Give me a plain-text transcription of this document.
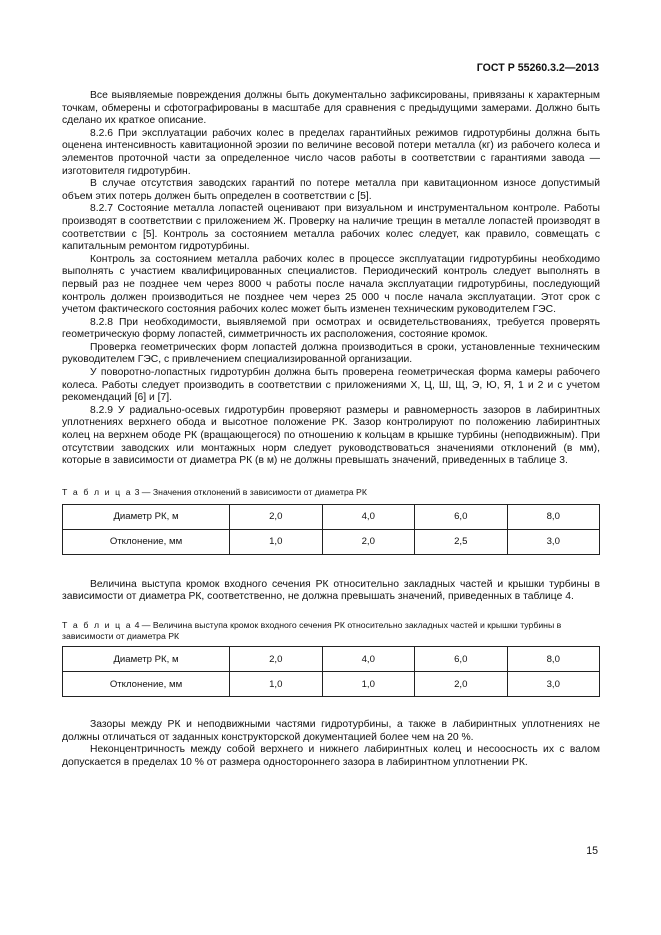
ГОСТ Р 55260.3.2—2013

Все выявляемые повреждения должны быть документально зафиксированы, привязаны к характерным точкам, обмерены и сфотографированы в масштабе для сравнения с предыдущими замерами. Должно быть сделано их краткое описание.

8.2.6 При эксплуатации рабочих колес в пределах гарантийных режимов гидротурбины должна быть оценена интенсивность кавитационной эрозии по величине весовой потери металла (кг) из рабочего колеса и элементов проточной части за определенное число часов работы в соответствии с гарантиями завода — изготовителя гидротурбин.

В случае отсутствия заводских гарантий по потере металла при кавитационном износе допустимый объем этих потерь должен быть определен в соответствии с [5].

8.2.7 Состояние металла лопастей оценивают при визуальном и инструментальном контроле. Работы производят в соответствии с приложением Ж. Проверку на наличие трещин в металле лопастей производят в соответствии с [5]. Контроль за состоянием металла рабочих колес следует, как правило, совмещать с капитальным ремонтом гидротурбины.

Контроль за состоянием металла рабочих колес в процессе эксплуатации гидротурбины необходимо выполнять с участием квалифицированных специалистов. Периодический контроль следует выполнять в первый раз не позднее чем через 8000 ч работы после начала эксплуатации гидротурбины, последующий контроль должен производиться не позднее чем через 25 000 ч после начала эксплуатации. Этот срок с учетом фактического состояния рабочих колес может быть изменен техническим руководителем ГЭС.

8.2.8 При необходимости, выявляемой при осмотрах и освидетельствованиях, требуется проверять геометрическую форму лопастей, симметричность их расположения, состояние кромок.

Проверка геометрических форм лопастей должна производиться в сроки, установленные техническим руководителем ГЭС, с привлечением специализированной организации.

У поворотно-лопастных гидротурбин должна быть проверена геометрическая форма камеры рабочего колеса. Работы следует производить в соответствии с приложениями Х, Ц, Ш, Щ, Э, Ю, Я, 1 и 2 и с учетом рекомендаций [6] и [7].

8.2.9 У радиально-осевых гидротурбин проверяют размеры и равномерность зазоров в лабиринтных уплотнениях верхнего обода и высотное положение РК. Зазор контролируют по положению лабиринтных колец на верхнем ободе РК (вращающегося) по отношению к кольцам в крышке турбины (неподвижным). При отсутствии заводских или монтажных норм следует руководствоваться значениями отклонений (в мм), которые в зависимости от диаметра РК (в м) не должны превышать значений, приведенных в таблице 3.

Т а б л и ц а 3 — Значения отклонений в зависимости от диаметра РК
Диаметр РК, м	2,0	4,0	6,0	8,0
Отклонение, мм	1,0	2,0	2,5	3,0

Величина выступа кромок входного сечения РК относительно закладных частей и крышки турбины в зависимости от диаметра РК, соответственно, не должна превышать значений, приведенных в таблице 4.

Т а б л и ц а 4 — Величина выступа кромок входного сечения РК относительно закладных частей и крышки турбины в зависимости от диаметра РК
Диаметр РК, м	2,0	4,0	6,0	8,0
Отклонение, мм	1,0	1,0	2,0	3,0

Зазоры между РК и неподвижными частями гидротурбины, а также в лабиринтных уплотнениях не должны отличаться от заданных конструкторской документацией более чем на 20 %.

Неконцентричность между собой верхнего и нижнего лабиринтных колец и несоосность их с валом допускается в пределах 10 % от размера одностороннего зазора в лабиринтном уплотнении РК.

15
